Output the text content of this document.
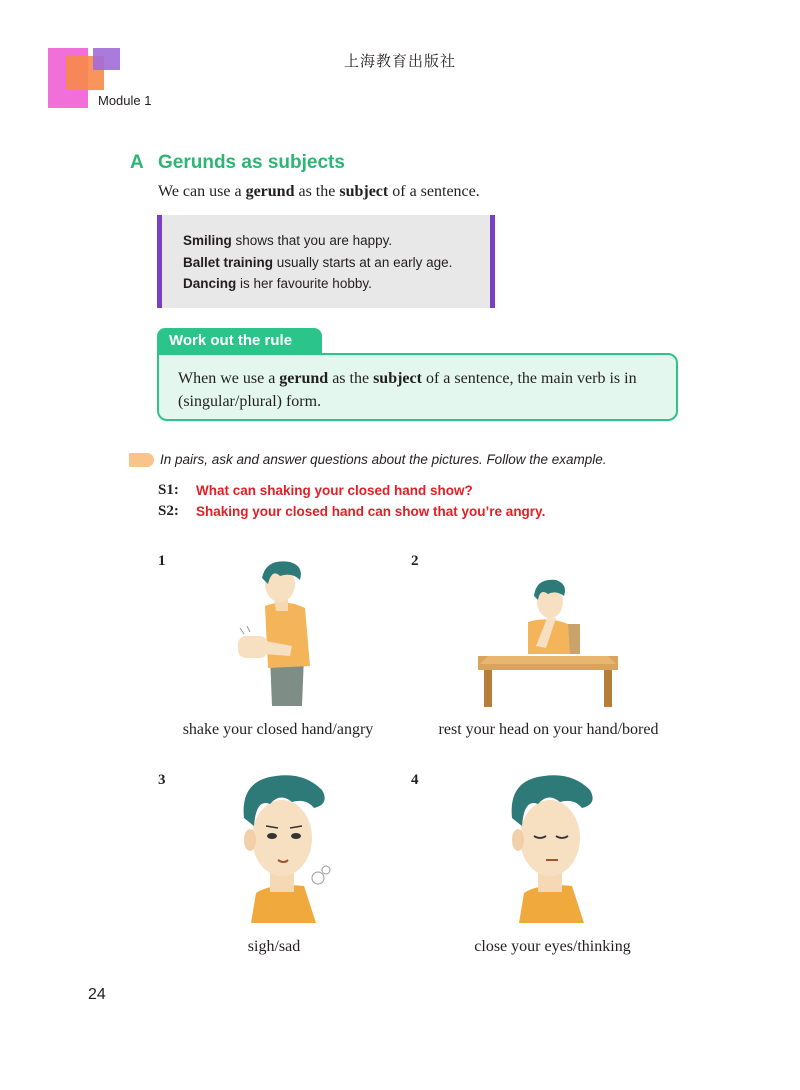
上海教育出版社
Module 1
A Gerunds as subjects
We can use a gerund as the subject of a sentence.
Smiling shows that you are happy.
Ballet training usually starts at an early age.
Dancing is her favourite hobby.
Work out the rule
When we use a gerund as the subject of a sentence, the main verb is in (singular/plural) form.
In pairs, ask and answer questions about the pictures. Follow the example.
S1: What can shaking your closed hand show?
S2: Shaking your closed hand can show that you’re angry.
1
shake your closed hand/angry
2
rest your head on your hand/bored
3
sigh/sad
4
close your eyes/thinking
24
